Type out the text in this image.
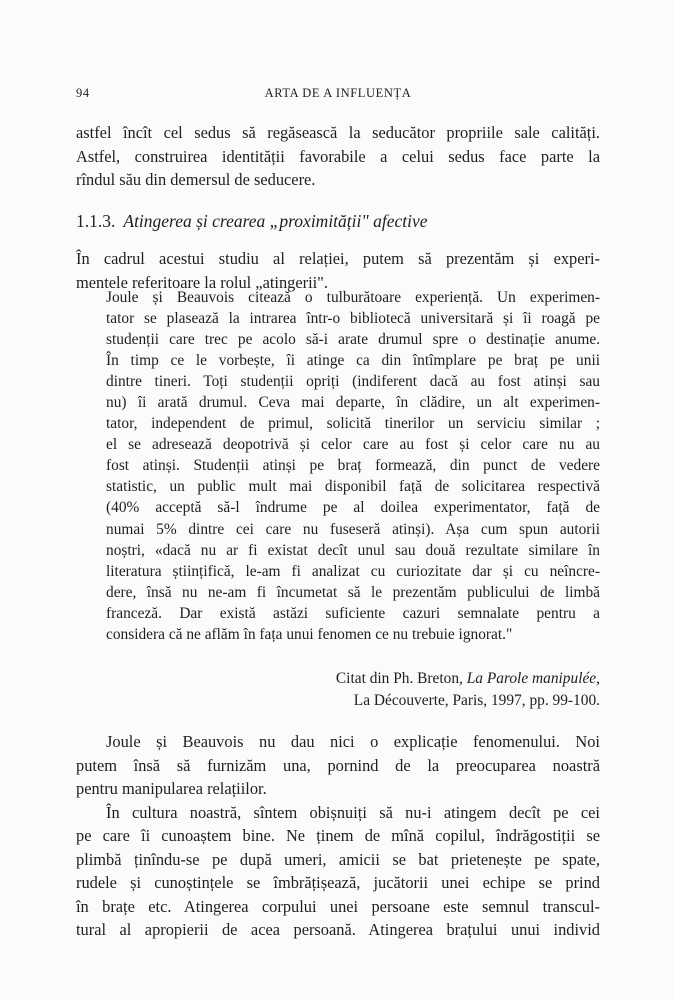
94	ARTA DE A INFLUENȚA
astfel încît cel sedus să regăsească la seducător propriile sale calități.
Astfel, construirea identității favorabile a celui sedus face parte la
rîndul său din demersul de seducere.
1.1.3. Atingerea și crearea „proximității" afective
În cadrul acestui studiu al relației, putem să prezentăm și experi-
mentele referitoare la rolul „atingerii".
Joule și Beauvois citează o tulburătoare experiență. Un experimen-
tator se plasează la intrarea într-o bibliotecă universitară și îi roagă pe
studenții care trec pe acolo să-i arate drumul spre o destinație anume.
În timp ce le vorbește, îi atinge ca din întîmplare pe braț pe unii
dintre tineri. Toți studenții opriți (indiferent dacă au fost atinși sau
nu) îi arată drumul. Ceva mai departe, în clădire, un alt experimen-
tator, independent de primul, solicită tinerilor un serviciu similar ;
el se adresează deopotrivă și celor care au fost și celor care nu au
fost atinși. Studenții atinși pe braț formează, din punct de vedere
statistic, un public mult mai disponibil față de solicitarea respectivă
(40% acceptă să-l îndrume pe al doilea experimentator, față de
numai 5% dintre cei care nu fuseseră atinși). Așa cum spun autorii
noștri, «dacă nu ar fi existat decît unul sau două rezultate similare în
literatura științifică, le-am fi analizat cu curiozitate dar și cu neîncre-
dere, însă nu ne-am fi încumetat să le prezentăm publicului de limbă
franceză. Dar există astăzi suficiente cazuri semnalate pentru a
considera că ne aflăm în fața unui fenomen ce nu trebuie ignorat."
Citat din Ph. Breton, La Parole manipulée,
La Découverte, Paris, 1997, pp. 99-100.
Joule și Beauvois nu dau nici o explicație fenomenului. Noi
putem însă să furnizăm una, pornind de la preocuparea noastră
pentru manipularea relațiilor.
În cultura noastră, sîntem obișnuiți să nu-i atingem decît pe cei
pe care îi cunoaștem bine. Ne ținem de mînă copilul, îndrăgostiții se
plimbă ținîndu-se pe după umeri, amicii se bat prietenește pe spate,
rudele și cunoștințele se îmbrățișează, jucătorii unei echipe se prind
în brațe etc. Atingerea corpului unei persoane este semnul transcul-
tural al apropierii de acea persoană. Atingerea brațului unui individ
